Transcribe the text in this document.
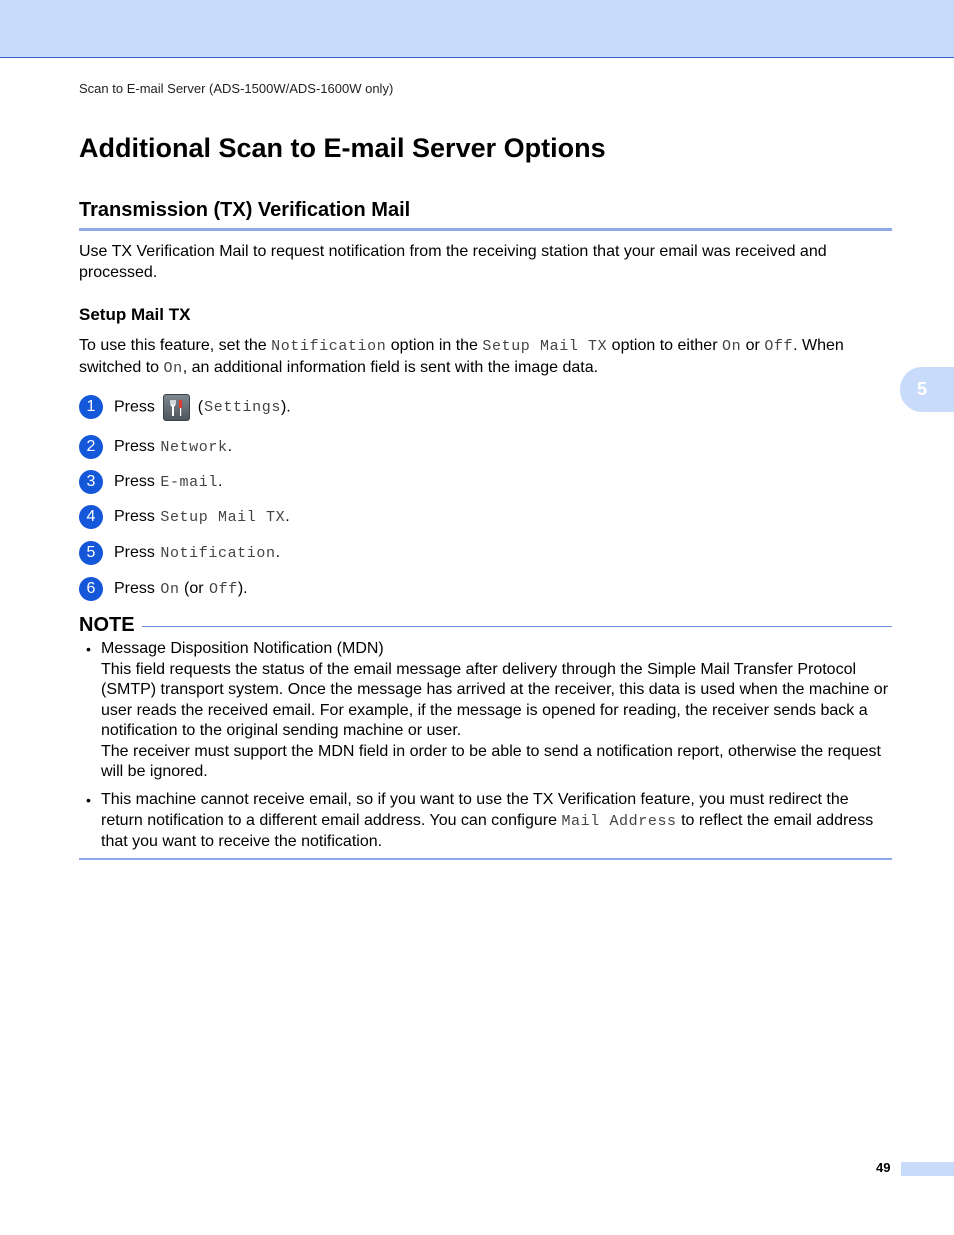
Scan to E-mail Server (ADS-1500W/ADS-1600W only)
Additional Scan to E-mail Server Options
Transmission (TX) Verification Mail
Use TX Verification Mail to request notification from the receiving station that your email was received and processed.
Setup Mail TX
To use this feature, set the Notification option in the Setup Mail TX option to either On or Off. When switched to On, an additional information field is sent with the image data.
5
1	Press
(Settings).
2	Press Network.
3	Press E-mail.
4	Press Setup Mail TX.
5	Press Notification.
6	Press On (or Off).
NOTE
• Message Disposition Notification (MDN)
This field requests the status of the email message after delivery through the Simple Mail Transfer Protocol (SMTP) transport system. Once the message has arrived at the receiver, this data is used when the machine or user reads the received email. For example, if the message is opened for reading, the receiver sends back a notification to the original sending machine or user.
The receiver must support the MDN field in order to be able to send a notification report, otherwise the request will be ignored.
• This machine cannot receive email, so if you want to use the TX Verification feature, you must redirect the return notification to a different email address. You can configure Mail Address to reflect the email address that you want to receive the notification.
49
